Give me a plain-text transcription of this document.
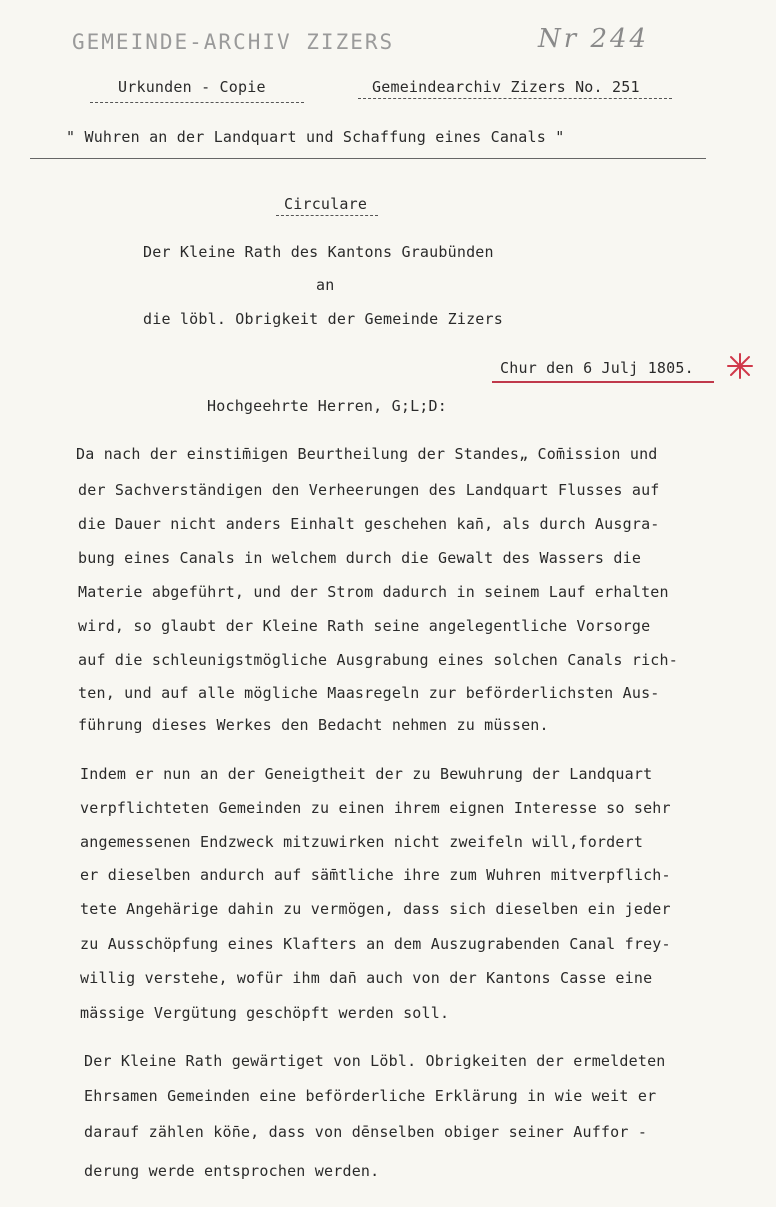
GEMEINDE-ARCHIV ZIZERS	Nr 244
Urkunden - Copie	Gemeindearchiv Zizers No. 251
" Wuhren an der Landquart und Schaffung eines Canals "
Circulare
Der Kleine Rath des Kantons Graubünden
an
die löbl. Obrigkeit der Gemeinde Zizers
Chur den 6 Julj 1805.
Hochgeehrte Herren, G;L;D:
Da nach der einstim̄igen Beurtheilung der Standes„ Com̄ission und
der Sachverständigen den Verheerungen des Landquart Flusses auf
die Dauer nicht anders Einhalt geschehen kan̄, als durch Ausgra-
bung eines Canals in welchem durch die Gewalt des Wassers die
Materie abgeführt, und der Strom dadurch in seinem Lauf erhalten
wird, so glaubt der Kleine Rath seine angelegentliche Vorsorge
auf die schleunigstmögliche Ausgrabung eines solchen Canals rich-
ten, und auf alle mögliche Maasregeln zur beförderlichsten Aus-
führung dieses Werkes den Bedacht nehmen zu müssen.
Indem er nun an der Geneigtheit der zu Bewuhrung der Landquart
verpflichteten Gemeinden zu einen ihrem eignen Interesse so sehr
angemessenen Endzweck mitzuwirken nicht zweifeln will,fordert
er dieselben andurch auf säm̄tliche ihre zum Wuhren mitverpflich-
tete Angehärige dahin zu vermögen, dass sich dieselben ein jeder
zu Ausschöpfung eines Klafters an dem Auszugrabenden Canal frey-
willig verstehe, wofür ihm dan̄ auch von der Kantons Casse eine
mässige Vergütung geschöpft werden soll.
Der Kleine Rath gewärtiget von Löbl. Obrigkeiten der ermeldeten
Ehrsamen Gemeinden eine beförderliche Erklärung in wie weit er
darauf zählen kön̄e, dass von dēnselben obiger seiner Auffor -
derung werde entsprochen werden.
